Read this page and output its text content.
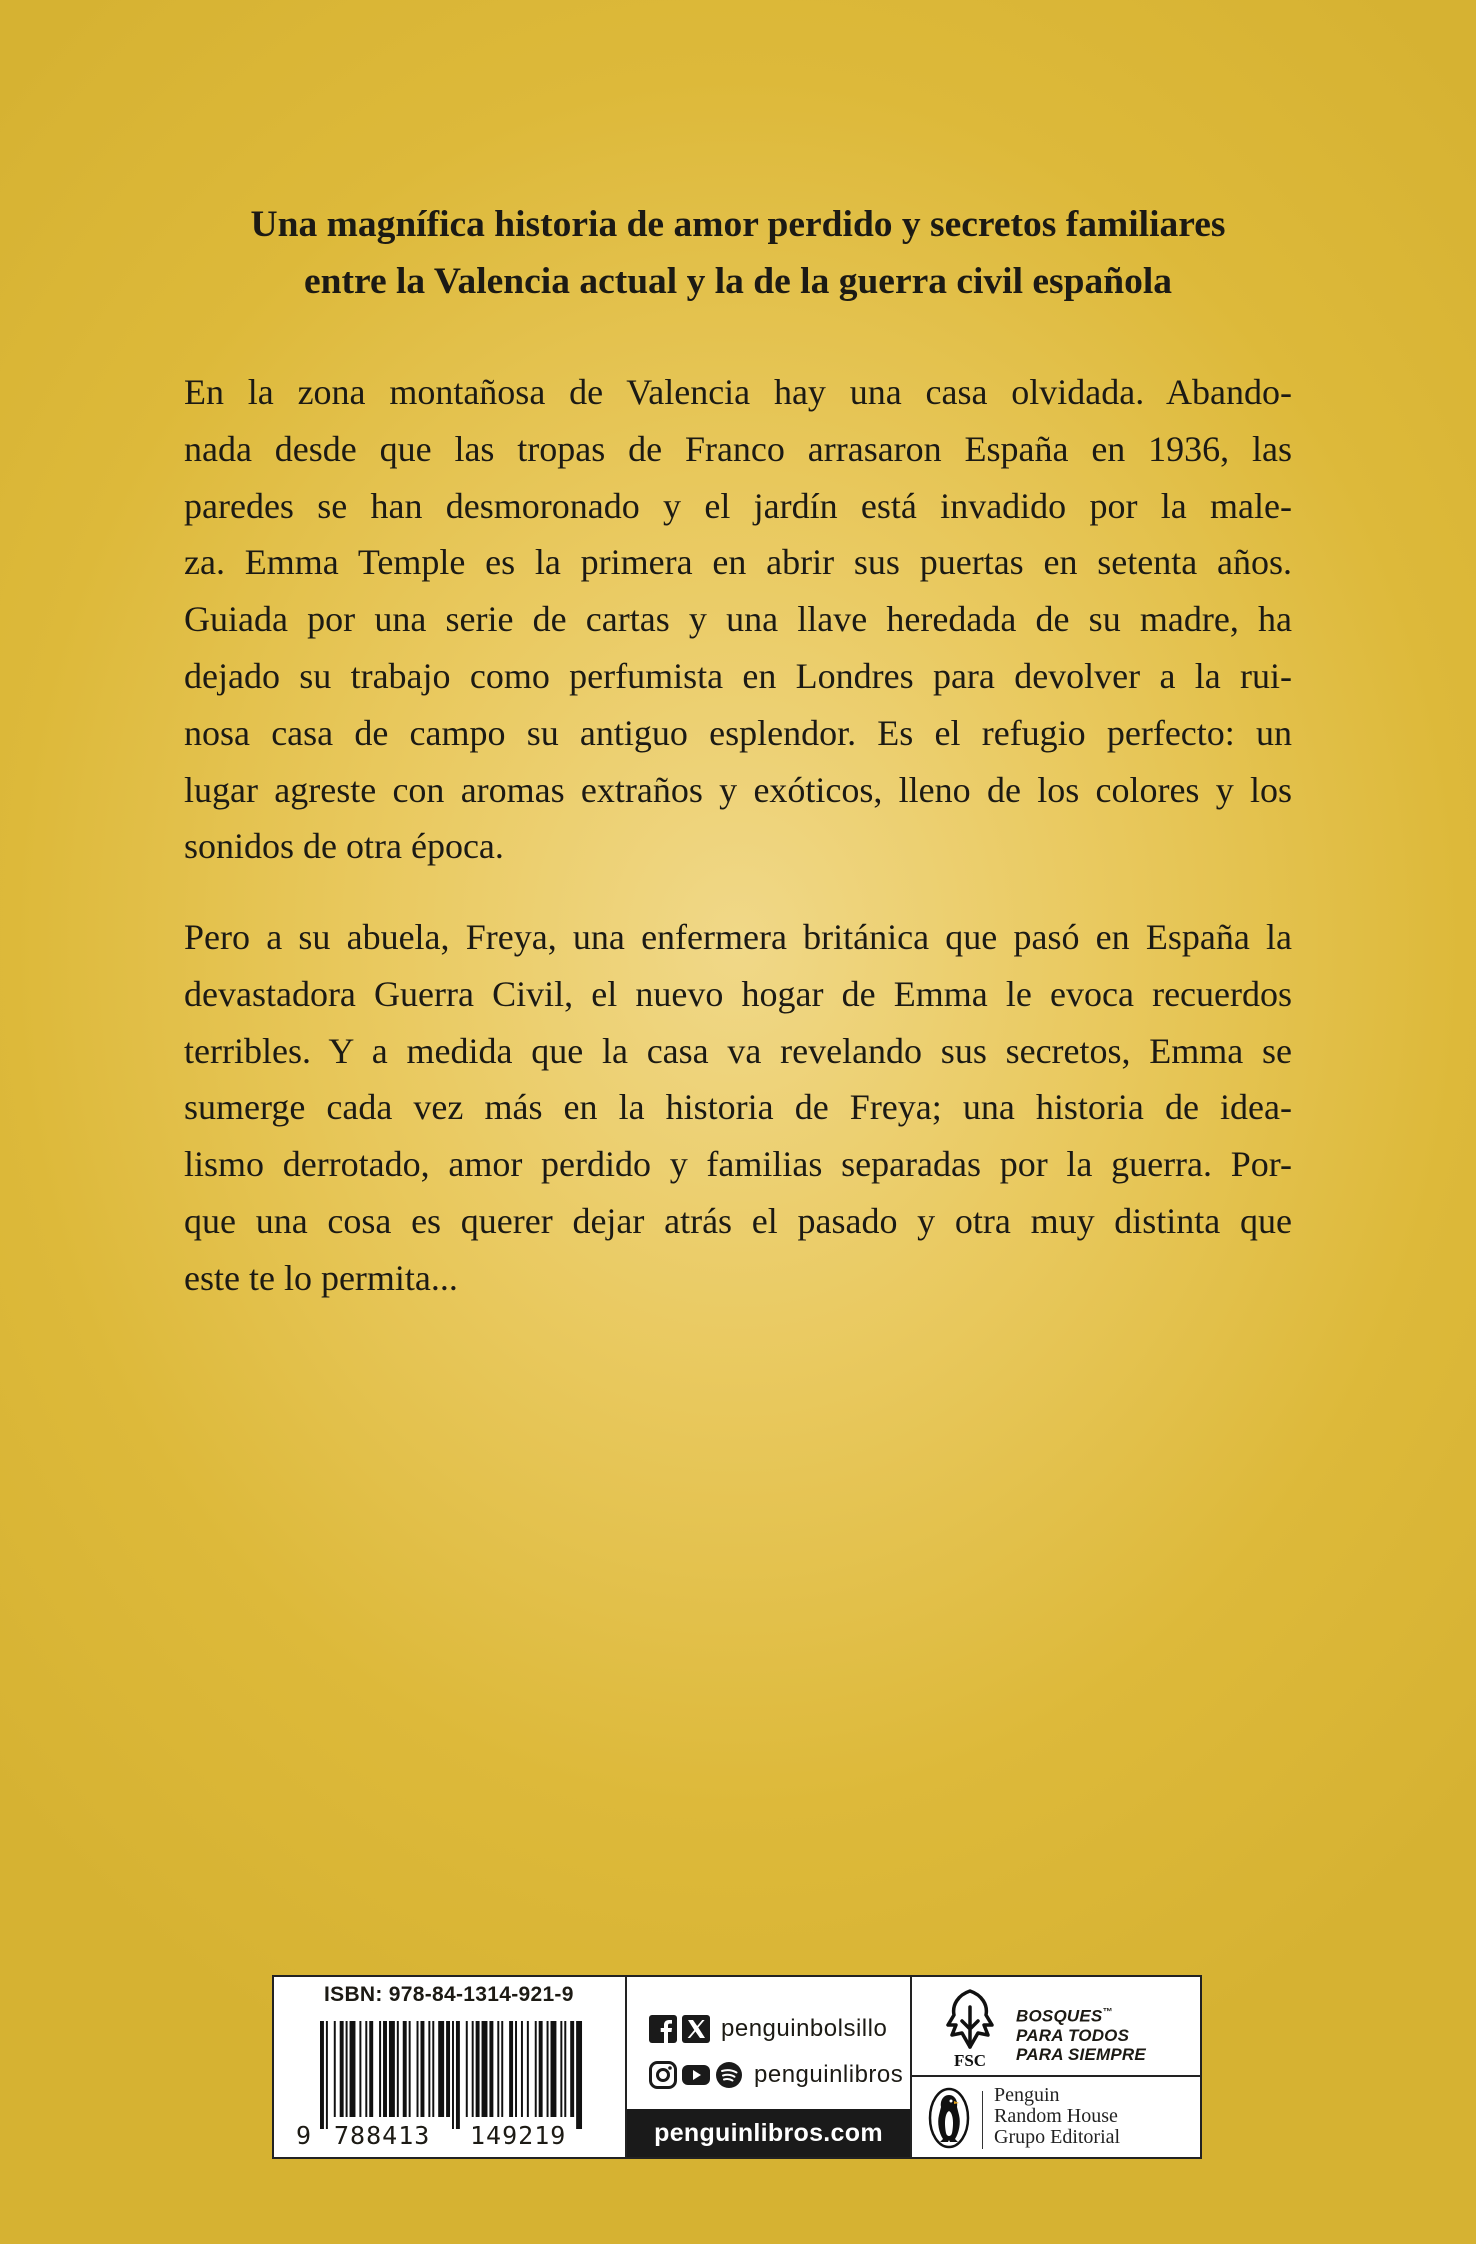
Una magnífica historia de amor perdido y secretos familiares
entre la Valencia actual y la de la guerra civil española
En la zona montañosa de Valencia hay una casa olvidada. Abando-
nada desde que las tropas de Franco arrasaron España en 1936, las
paredes se han desmoronado y el jardín está invadido por la male-
za. Emma Temple es la primera en abrir sus puertas en setenta años.
Guiada por una serie de cartas y una llave heredada de su madre, ha
dejado su trabajo como perfumista en Londres para devolver a la rui-
nosa casa de campo su antiguo esplendor. Es el refugio perfecto: un
lugar agreste con aromas extraños y exóticos, lleno de los colores y los
sonidos de otra época.
Pero a su abuela, Freya, una enfermera británica que pasó en España la
devastadora Guerra Civil, el nuevo hogar de Emma le evoca recuerdos
terribles. Y a medida que la casa va revelando sus secretos, Emma se
sumerge cada vez más en la historia de Freya; una historia de idea-
lismo derrotado, amor perdido y familias separadas por la guerra. Por-
que una cosa es querer dejar atrás el pasado y otra muy distinta que
este te lo permita...
ISBN: 978-84-1314-921-9
9 788413 149219
penguinbolsillo
penguinlibros
penguinlibros.com
FSC
BOSQUES™
PARA TODOS
PARA SIEMPRE
Penguin
Random House
Grupo Editorial
